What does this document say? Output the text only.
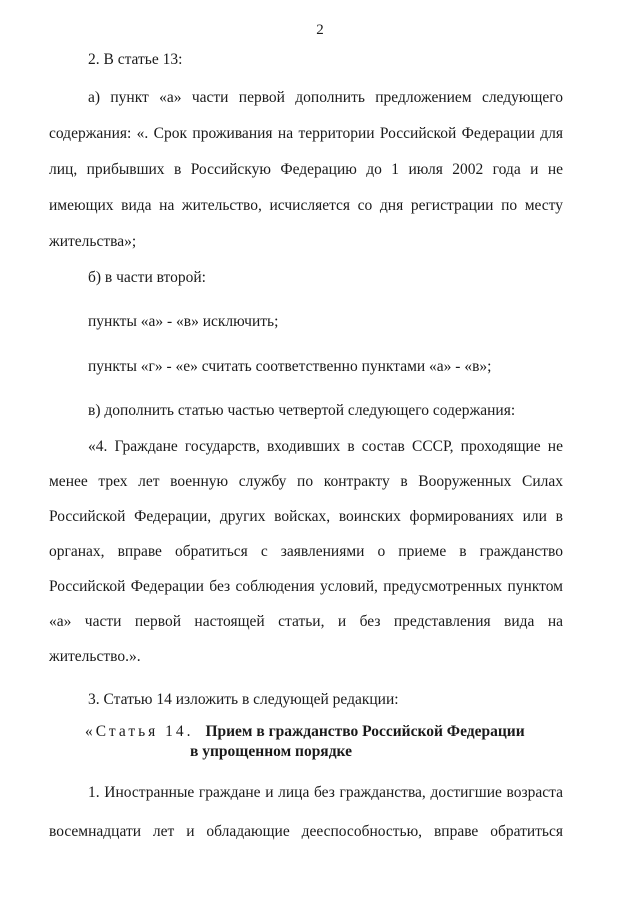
2
2. В статье 13:
а) пункт «а» части первой дополнить предложением следующего
содержания: «. Срок проживания на территории Российской Федерации для
лиц, прибывших в Российскую Федерацию до 1 июля 2002 года и не
имеющих вида на жительство, исчисляется со дня регистрации по месту
жительства»;
б) в части второй:
пункты «а» - «в» исключить;
пункты «г» - «е» считать соответственно пунктами «а» - «в»;
в) дополнить статью частью четвертой следующего содержания:
«4. Граждане государств, входивших в состав СССР, проходящие не
менее трех лет военную службу по контракту в Вооруженных Силах
Российской Федерации, других войсках, воинских формированиях или в
органах, вправе обратиться с заявлениями о приеме в гражданство
Российской Федерации без соблюдения условий, предусмотренных пунктом
«а» части первой настоящей статьи, и без представления вида на
жительство.».
3. Статью 14 изложить в следующей редакции:
«Статья 14. Прием в гражданство Российской Федерации
в упрощенном порядке
1. Иностранные граждане и лица без гражданства, достигшие возраста
восемнадцати лет и обладающие дееспособностью, вправе обратиться
